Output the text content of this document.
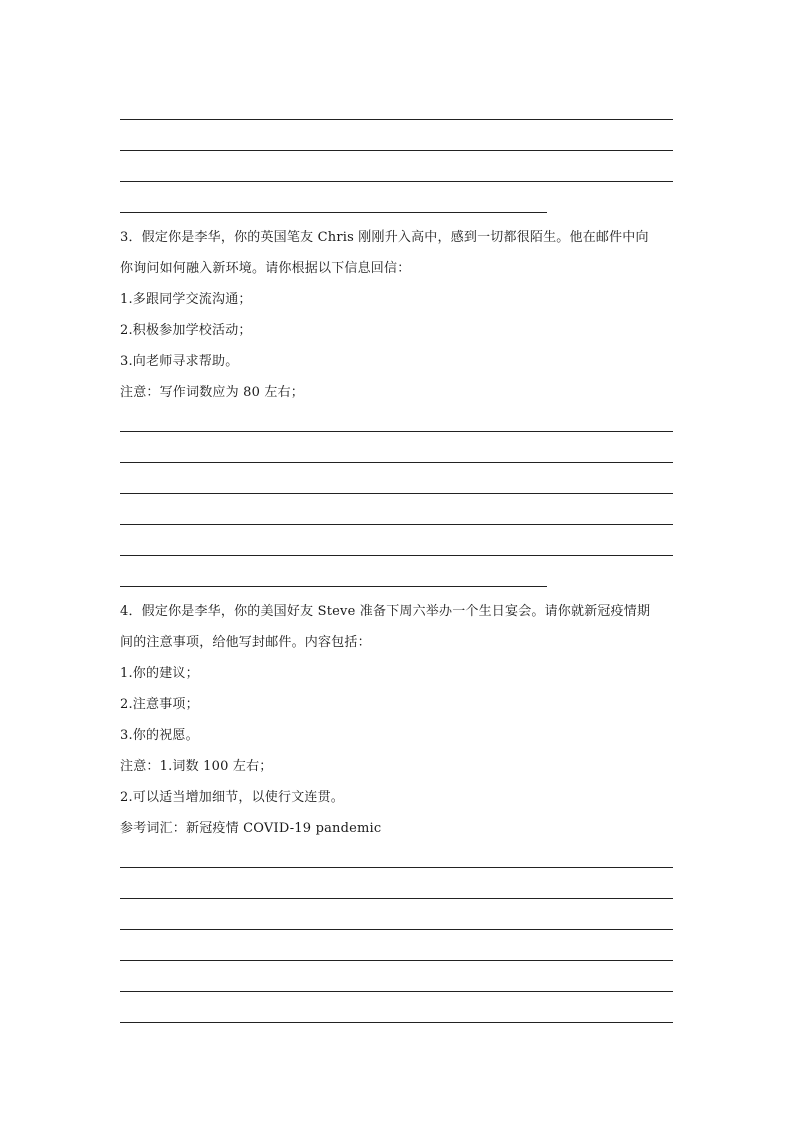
3．假定你是李华，你的英国笔友 Chris 刚刚升入高中，感到一切都很陌生。他在邮件中向
你询问如何融入新环境。请你根据以下信息回信：
1.多跟同学交流沟通；
2.积极参加学校活动；
3.向老师寻求帮助。
注意：写作词数应为 80 左右；
4．假定你是李华，你的美国好友 Steve 准备下周六举办一个生日宴会。请你就新冠疫情期
间的注意事项，给他写封邮件。内容包括：
1.你的建议；
2.注意事项；
3.你的祝愿。
注意：1.词数 100 左右；
2.可以适当增加细节，以使行文连贯。
参考词汇：新冠疫情 COVID-19 pandemic
